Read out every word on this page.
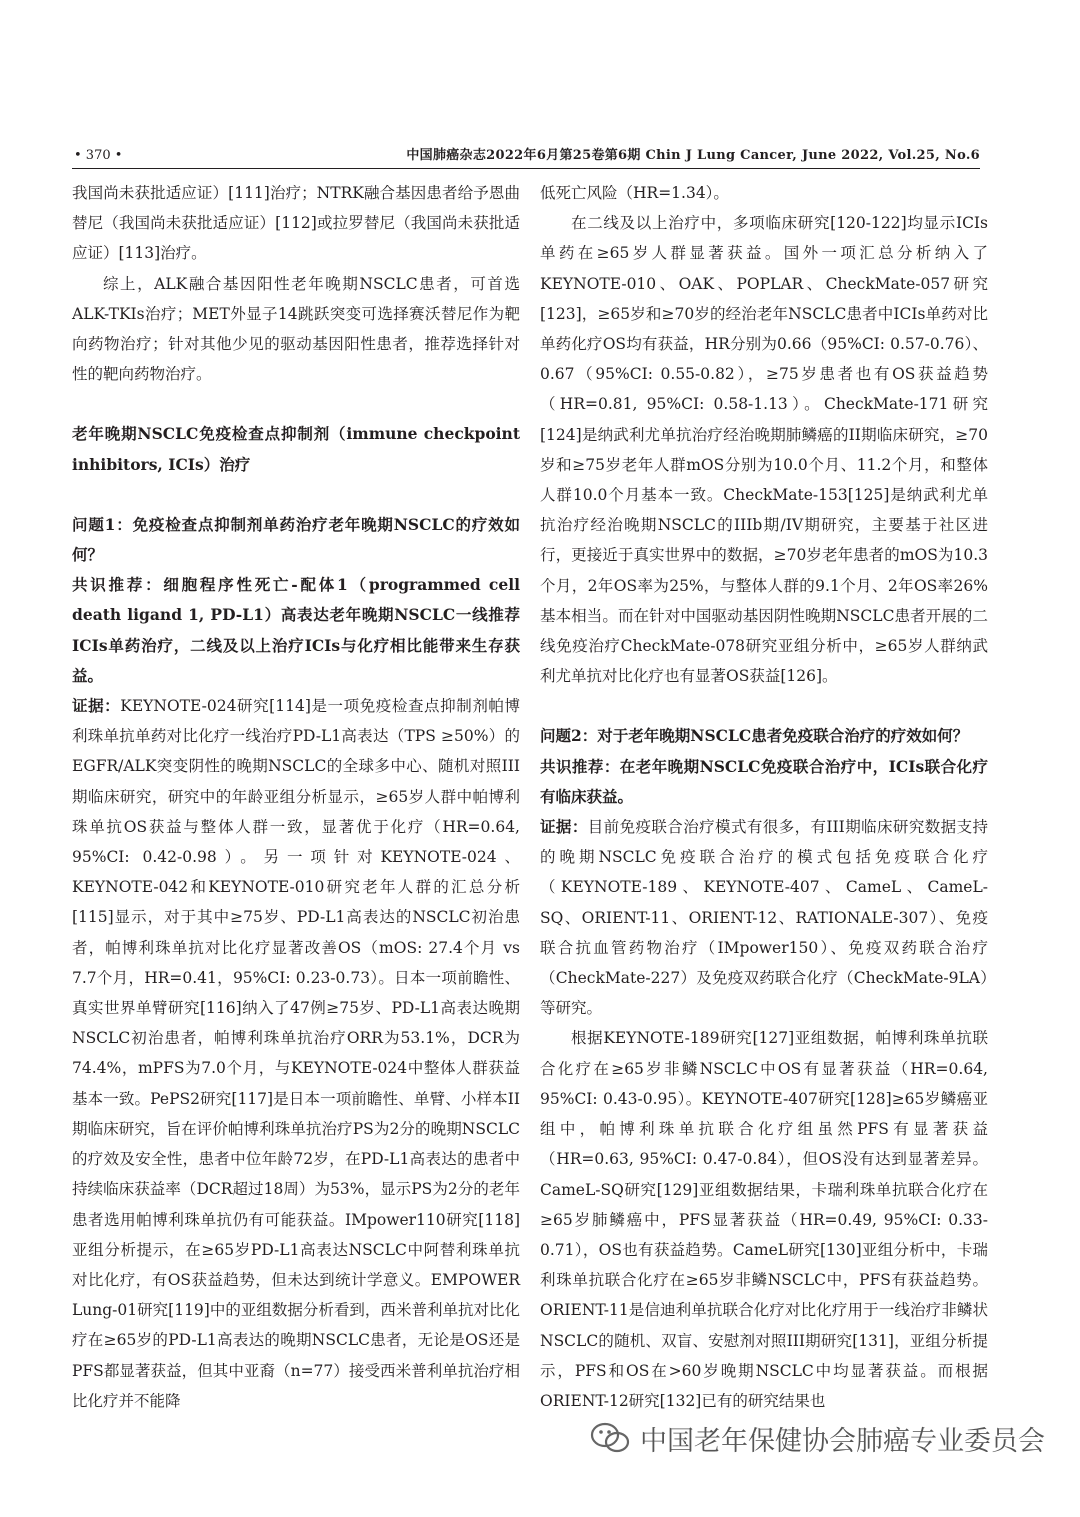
• 370 •	中国肺癌杂志2022年6月第25卷第6期 Chin J Lung Cancer, June 2022, Vol.25, No.6

我国尚未获批适应证）[111]治疗；NTRK融合基因患者给予恩曲替尼（我国尚未获批适应证）[112]或拉罗替尼（我国尚未获批适应证）[113]治疗。

综上，ALK融合基因阳性老年晚期NSCLC患者，可首选ALK-TKIs治疗；MET外显子14跳跃突变可选择赛沃替尼作为靶向药物治疗；针对其他少见的驱动基因阳性患者，推荐选择针对性的靶向药物治疗。

老年晚期NSCLC免疫检查点抑制剂（immune checkpoint inhibitors, ICIs）治疗

问题1：免疫检查点抑制剂单药治疗老年晚期NSCLC的疗效如何？

共识推荐：细胞程序性死亡-配体1（programmed cell death ligand 1, PD-L1）高表达老年晚期NSCLC一线推荐ICIs单药治疗，二线及以上治疗ICIs与化疗相比能带来生存获益。

证据：KEYNOTE-024研究[114]是一项免疫检查点抑制剂帕博利珠单抗单药对比化疗一线治疗PD-L1高表达（TPS ≥50%）的EGFR/ALK突变阴性的晚期NSCLC的全球多中心、随机对照III期临床研究，研究中的年龄亚组分析显示，≥65岁人群中帕博利珠单抗OS获益与整体人群一致，显著优于化疗（HR=0.64, 95%CI: 0.42-0.98）。另一项针对KEYNOTE-024、KEYNOTE-042和KEYNOTE-010研究老年人群的汇总分析[115]显示，对于其中≥75岁、PD-L1高表达的NSCLC初治患者，帕博利珠单抗对比化疗显著改善OS（mOS: 27.4个月 vs 7.7个月，HR=0.41，95%CI: 0.23-0.73）。日本一项前瞻性、真实世界单臂研究[116]纳入了47例≥75岁、PD-L1高表达晚期NSCLC初治患者，帕博利珠单抗治疗ORR为53.1%，DCR为74.4%，mPFS为7.0个月，与KEYNOTE-024中整体人群获益基本一致。PePS2研究[117]是日本一项前瞻性、单臂、小样本II期临床研究，旨在评价帕博利珠单抗治疗PS为2分的晚期NSCLC的疗效及安全性，患者中位年龄72岁，在PD-L1高表达的患者中持续临床获益率（DCR超过18周）为53%，显示PS为2分的老年患者选用帕博利珠单抗仍有可能获益。IMpower110研究[118]亚组分析提示，在≥65岁PD-L1高表达NSCLC中阿替利珠单抗对比化疗，有OS获益趋势，但未达到统计学意义。EMPOWER Lung-01研究[119]中的亚组数据分析看到，西米普利单抗对比化疗在≥65岁的PD-L1高表达的晚期NSCLC患者，无论是OS还是PFS都显著获益，但其中亚裔（n=77）接受西米普利单抗治疗相比化疗并不能降

低死亡风险（HR=1.34）。

在二线及以上治疗中，多项临床研究[120-122]均显示ICIs单药在≥65岁人群显著获益。国外一项汇总分析纳入了KEYNOTE-010、OAK、POPLAR、CheckMate-057研究[123]，≥65岁和≥70岁的经治老年NSCLC患者中ICIs单药对比单药化疗OS均有获益，HR分别为0.66（95%CI: 0.57-0.76）、0.67（95%CI: 0.55-0.82），≥75岁患者也有OS获益趋势（HR=0.81, 95%CI: 0.58-1.13）。CheckMate-171研究[124]是纳武利尤单抗治疗经治晚期肺鳞癌的II期临床研究，≥70岁和≥75岁老年人群mOS分别为10.0个月、11.2个月，和整体人群10.0个月基本一致。CheckMate-153[125]是纳武利尤单抗治疗经治晚期NSCLC的IIIb期/IV期研究，主要基于社区进行，更接近于真实世界中的数据，≥70岁老年患者的mOS为10.3个月，2年OS率为25%，与整体人群的9.1个月、2年OS率26%基本相当。而在针对中国驱动基因阴性晚期NSCLC患者开展的二线免疫治疗CheckMate-078研究亚组分析中，≥65岁人群纳武利尤单抗对比化疗也有显著OS获益[126]。

问题2：对于老年晚期NSCLC患者免疫联合治疗的疗效如何？

共识推荐：在老年晚期NSCLC免疫联合治疗中，ICIs联合化疗有临床获益。

证据：目前免疫联合治疗模式有很多，有III期临床研究数据支持的晚期NSCLC免疫联合治疗的模式包括免疫联合化疗（KEYNOTE-189、KEYNOTE-407、CameL、CameL-SQ、ORIENT-11、ORIENT-12、RATIONALE-307）、免疫联合抗血管药物治疗（IMpower150）、免疫双药联合治疗（CheckMate-227）及免疫双药联合化疗（CheckMate-9LA）等研究。

根据KEYNOTE-189研究[127]亚组数据，帕博利珠单抗联合化疗在≥65岁非鳞NSCLC中OS有显著获益（HR=0.64, 95%CI: 0.43-0.95）。KEYNOTE-407研究[128]≥65岁鳞癌亚组中，帕博利珠单抗联合化疗组虽然PFS有显著获益（HR=0.63, 95%CI: 0.47-0.84），但OS没有达到显著差异。CameL-SQ研究[129]亚组数据结果，卡瑞利珠单抗联合化疗在≥65岁肺鳞癌中，PFS显著获益（HR=0.49, 95%CI: 0.33-0.71），OS也有获益趋势。CameL研究[130]亚组分析中，卡瑞利珠单抗联合化疗在≥65岁非鳞NSCLC中，PFS有获益趋势。ORIENT-11是信迪利单抗联合化疗对比化疗用于一线治疗非鳞状NSCLC的随机、双盲、安慰剂对照III期研究[131]，亚组分析提示，PFS和OS在>60岁晚期NSCLC中均显著获益。而根据ORIENT-12研究[132]已有的研究结果也

中国老年保健协会肺癌专业委员会
